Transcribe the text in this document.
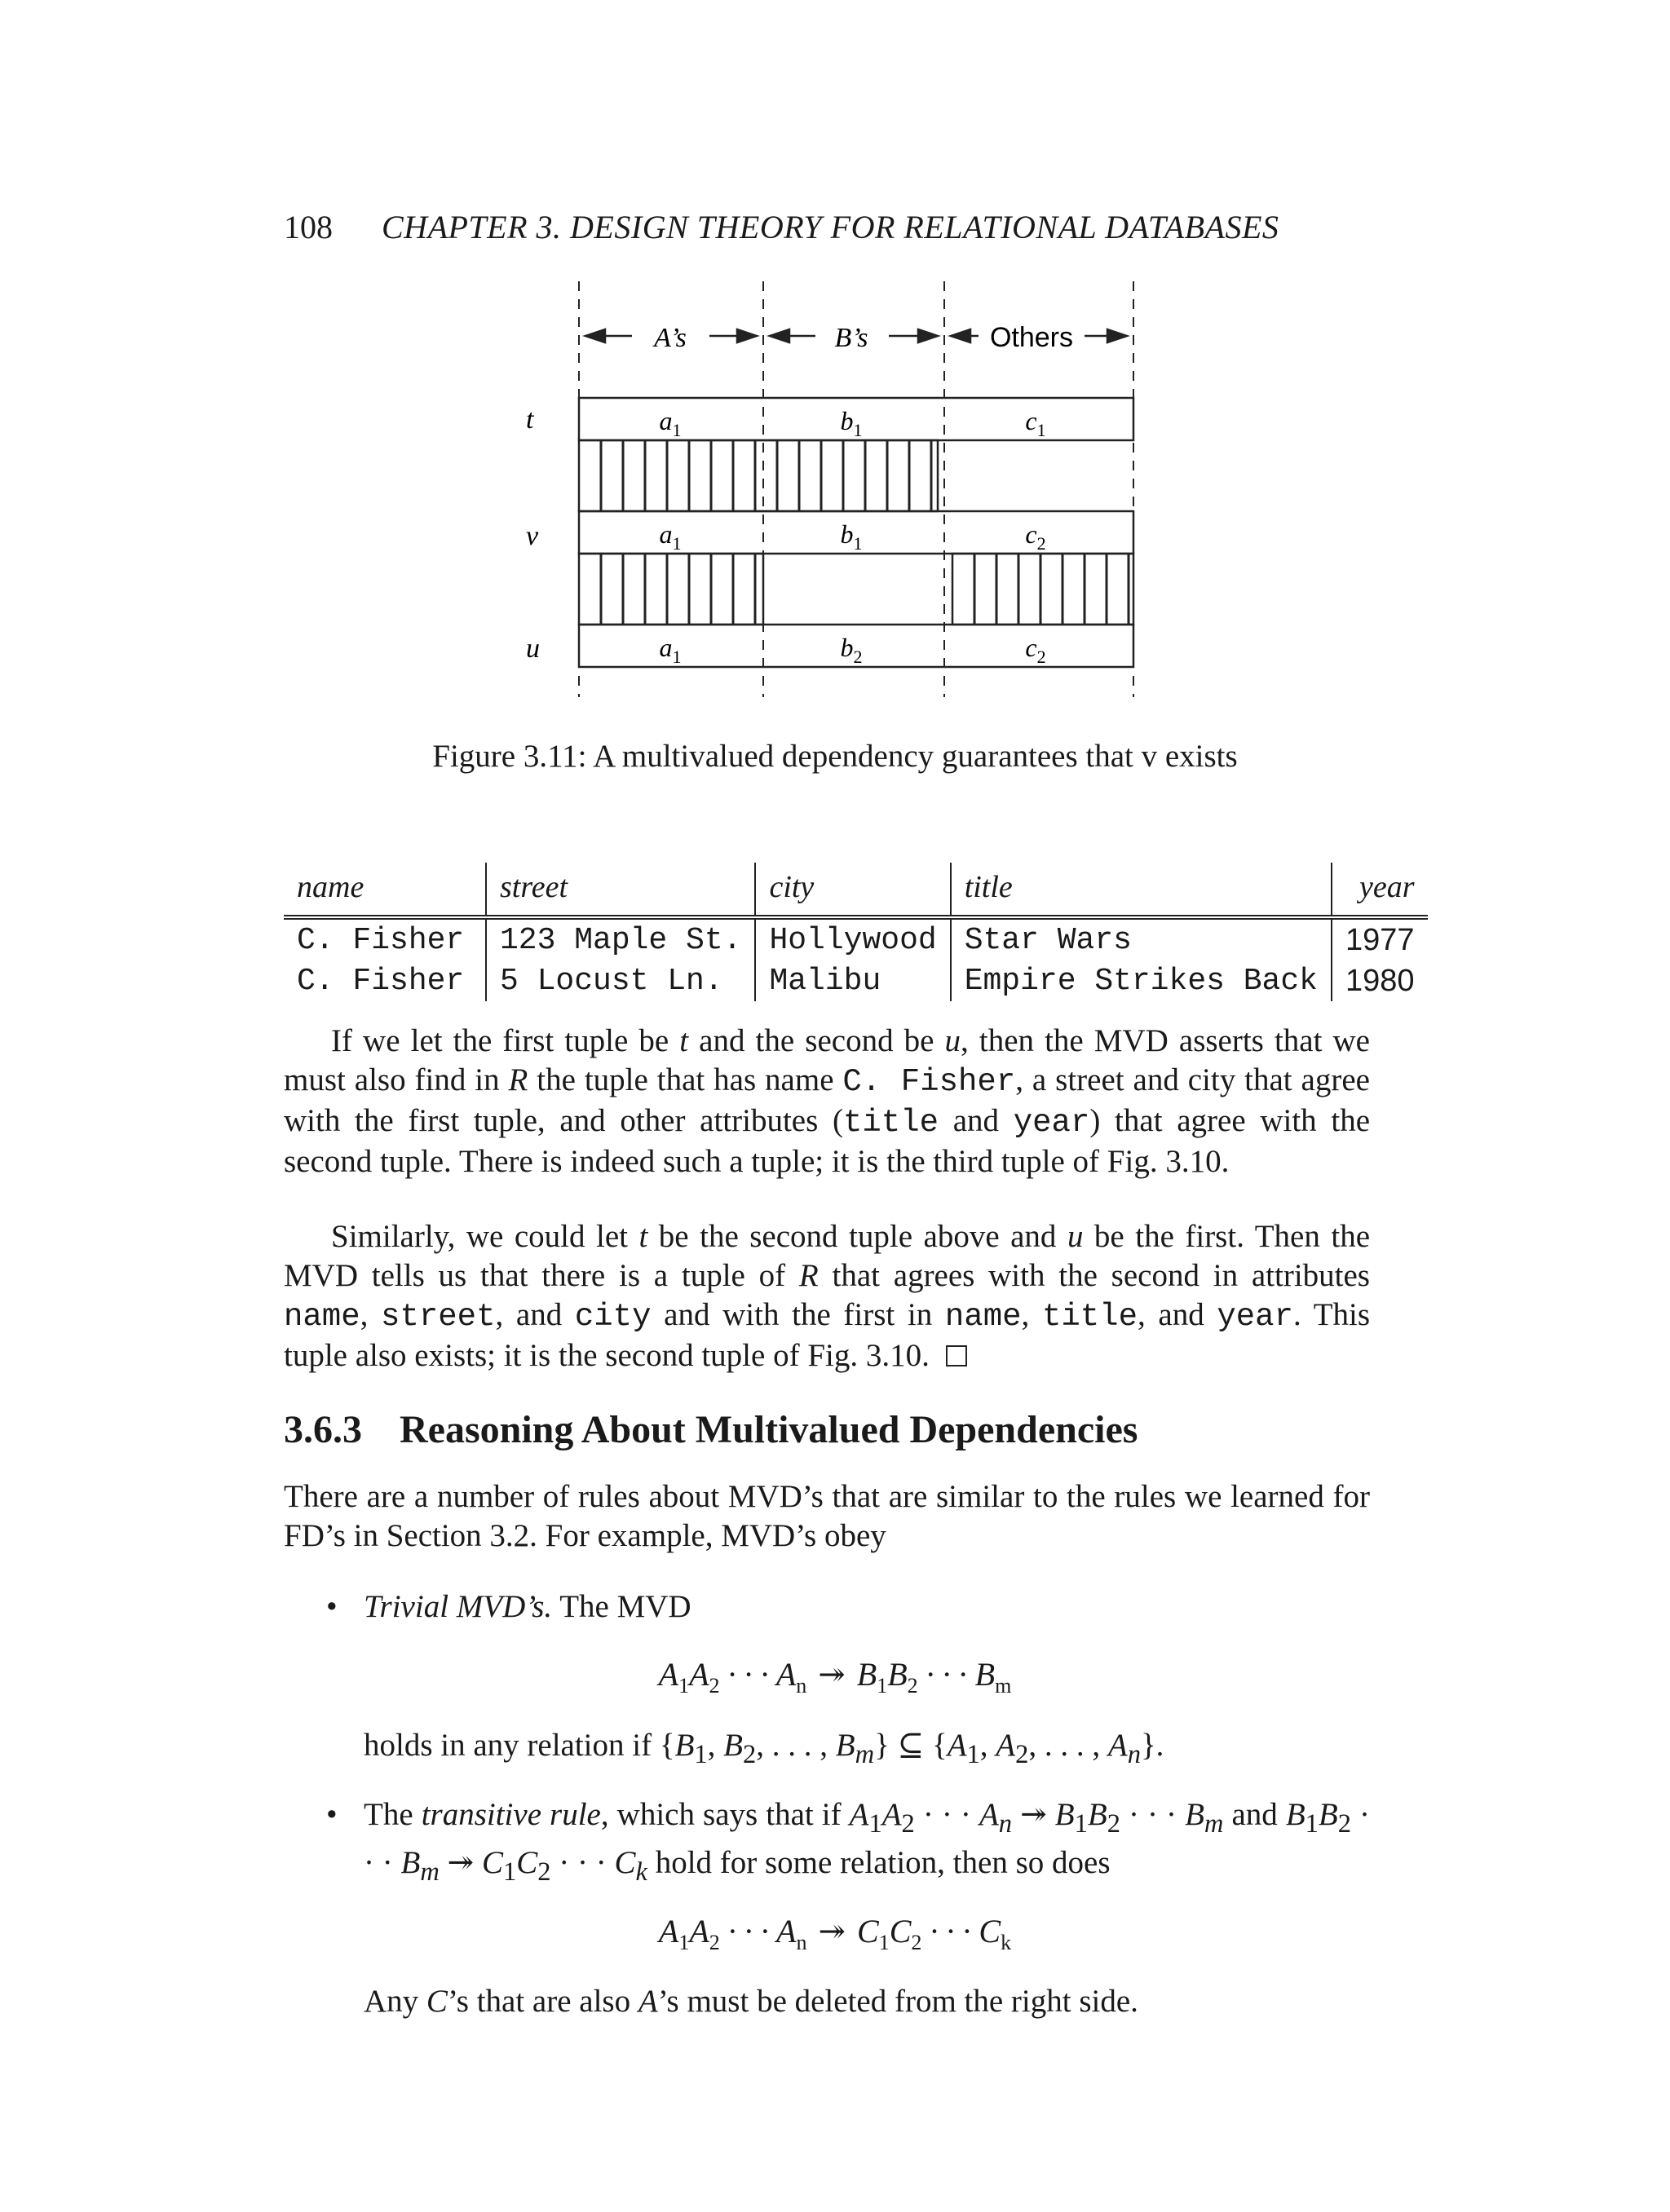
108 CHAPTER 3. DESIGN THEORY FOR RELATIONAL DATABASES
A’s	B’s	Others
t
v
u
$a_1$	$b_1$	$c_1$
$a_1$	$b_1$	$c_2$
$a_1$	$b_2$	$c_2$
Figure 3.11: A multivalued dependency guarantees that v exists
name	street	city	title	year
C. Fisher	123 Maple St.	Hollywood	Star Wars	1977
C. Fisher	5 Locust Ln.	Malibu	Empire Strikes Back	1980
If we let the first tuple be t and the second be u, then the MVD asserts that we must also find in R the tuple that has name C. Fisher, a street and city that agree with the first tuple, and other attributes (title and year) that agree with the second tuple. There is indeed such a tuple; it is the third tuple of Fig. 3.10.
Similarly, we could let t be the second tuple above and u be the first. Then the MVD tells us that there is a tuple of R that agrees with the second in attributes name, street, and city and with the first in name, title, and year. This tuple also exists; it is the second tuple of Fig. 3.10.
3.6.3 Reasoning About Multivalued Dependencies
There are a number of rules about MVD’s that are similar to the rules we learned for FD’s in Section 3.2. For example, MVD’s obey
• Trivial MVD’s. The MVD
$A_1A_2$ · · · $A_n$ ↠ $B_1B_2$ · · · $B_m$
holds in any relation if {$B_1$, $B_2$, . . . , $B_m$} ⊆ {$A_1$, $A_2$, . . . , $A_n$}.
• The transitive rule, which says that if $A_1A_2$ · · · $A_n$ ↠ $B_1B_2$ · · · $B_m$ and $B_1B_2$ · · · $B_m$ ↠ $C_1C_2$ · · · $C_k$ hold for some relation, then so does
$A_1A_2$ · · · $A_n$ ↠ $C_1C_2$ · · · $C_k$
Any C’s that are also A’s must be deleted from the right side.
